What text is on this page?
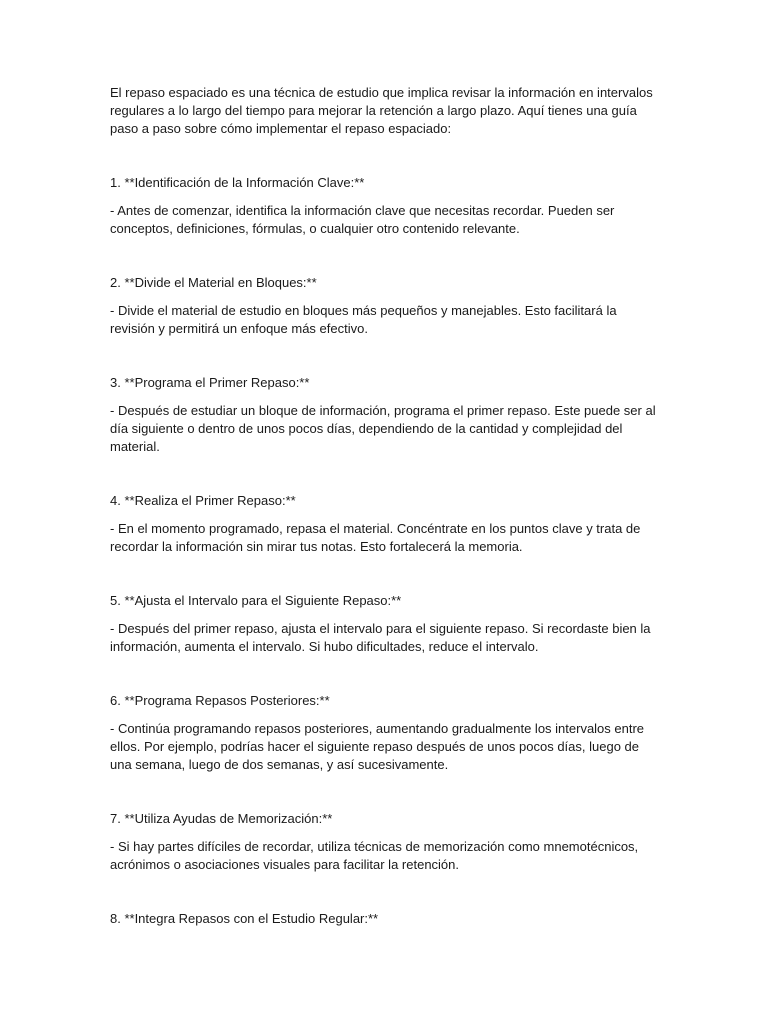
El repaso espaciado es una técnica de estudio que implica revisar la información en intervalos regulares a lo largo del tiempo para mejorar la retención a largo plazo. Aquí tienes una guía paso a paso sobre cómo implementar el repaso espaciado:

1. **Identificación de la Información Clave:**

- Antes de comenzar, identifica la información clave que necesitas recordar. Pueden ser conceptos, definiciones, fórmulas, o cualquier otro contenido relevante.

2. **Divide el Material en Bloques:**

- Divide el material de estudio en bloques más pequeños y manejables. Esto facilitará la revisión y permitirá un enfoque más efectivo.

3. **Programa el Primer Repaso:**

- Después de estudiar un bloque de información, programa el primer repaso. Este puede ser al día siguiente o dentro de unos pocos días, dependiendo de la cantidad y complejidad del material.

4. **Realiza el Primer Repaso:**

- En el momento programado, repasa el material. Concéntrate en los puntos clave y trata de recordar la información sin mirar tus notas. Esto fortalecerá la memoria.

5. **Ajusta el Intervalo para el Siguiente Repaso:**

- Después del primer repaso, ajusta el intervalo para el siguiente repaso. Si recordaste bien la información, aumenta el intervalo. Si hubo dificultades, reduce el intervalo.

6. **Programa Repasos Posteriores:**

- Continúa programando repasos posteriores, aumentando gradualmente los intervalos entre ellos. Por ejemplo, podrías hacer el siguiente repaso después de unos pocos días, luego de una semana, luego de dos semanas, y así sucesivamente.

7. **Utiliza Ayudas de Memorización:**

- Si hay partes difíciles de recordar, utiliza técnicas de memorización como mnemotécnicos, acrónimos o asociaciones visuales para facilitar la retención.

8. **Integra Repasos con el Estudio Regular:**
